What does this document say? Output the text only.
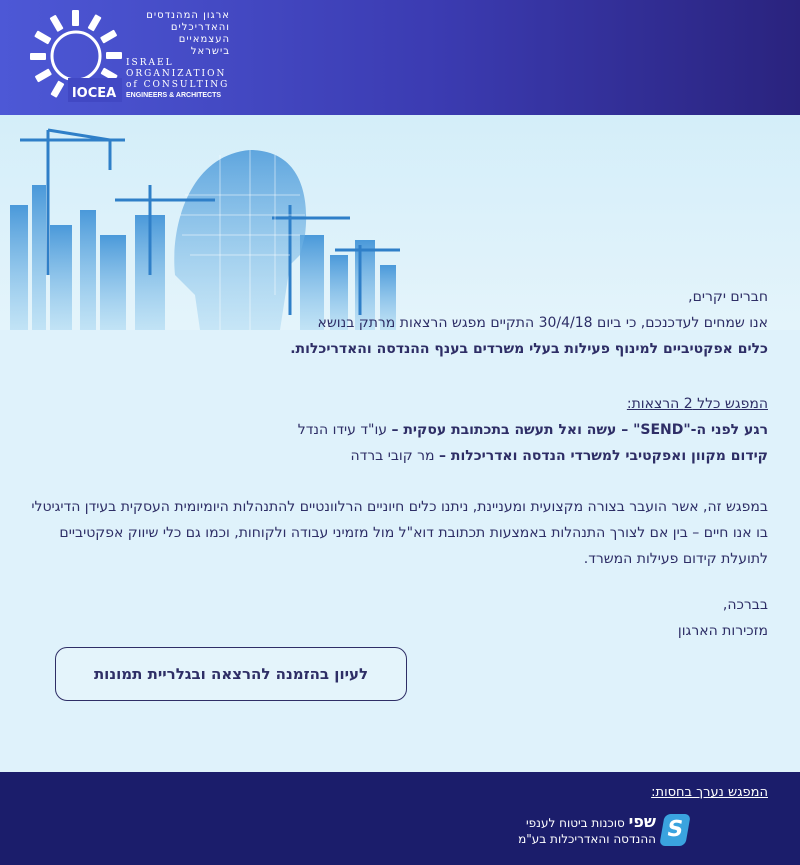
IOCEA
ארגון המהנדסים
והאדריכלים
העצמאיים
בישראל
ISRAEL
ORGANIZATION
of CONSULTING
ENGINEERS & ARCHITECTS
חברים יקרים,
אנו שמחים לעדכנכם, כי ביום 30/4/18 התקיים מפגש הרצאות מרתק בנושא
כלים אפקטיביים למינוף פעילות בעלי משרדים בענף ההנדסה והאדריכלות.
המפגש כלל 2 הרצאות:
רגע לפני ה-"SEND" – עשה ואל תעשה בתכתובת עסקית – עו"ד עידו הנדל
קידום מקוון ואפקטיבי למשרדי הנדסה ואדריכלות – מר קובי ברדה
במפגש זה, אשר הועבר בצורה מקצועית ומעניינת, ניתנו כלים חיוניים הרלוונטיים להתנהלות היומיומית העסקית בעידן הדיגיטלי בו אנו חיים – בין אם לצורך התנהלות באמצעות תכתובת דוא"ל מול מזמיני עבודה ולקוחות, וכמו גם כלי שיווק אפקטיביים לתועלת קידום פעילות המשרד.
בברכה,
מזכירות הארגון
לעיון בהזמנה להרצאה ובגלריית תמונות
המפגש נערך בחסות:
S
שפי סוכנות ביטוח לענפי
ההנדסה והאדריכלות בע"מ
